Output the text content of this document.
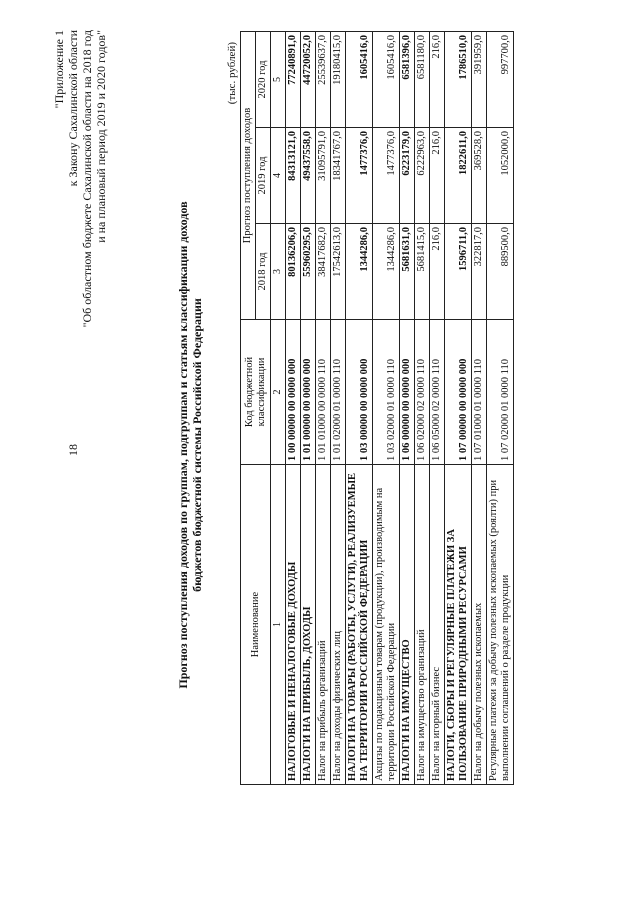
18
"Приложение 1 к Закону Сахалинской области "Об областном бюджете Сахалинской области на 2018 год и на плановый период 2019 и 2020 годов"
Прогноз поступления доходов по группам, подгруппам и статьям классификации доходов бюджетов бюджетной системы Российской Федерации
(тыс. рублей)
Наименование	Код бюджетной классификации	Прогноз поступления доходов		
		2018 год	2019 год	2020 год
1	2	3	4	5
НАЛОГОВЫЕ И НЕНАЛОГОВЫЕ ДОХОДЫ	1 00 00000 00 0000 000	80136206,0	84313121,0	77240891,0
НАЛОГИ НА ПРИБЫЛЬ, ДОХОДЫ	1 01 00000 00 0000 000	55960295,0	49437558,0	44720052,0
Налог на прибыль организаций	1 01 01000 00 0000 110	38417682,0	31095791,0	25539637,0
Налог на доходы физических лиц	1 01 02000 01 0000 110	17542613,0	18341767,0	19180415,0
НАЛОГИ НА ТОВАРЫ (РАБОТЫ, УСЛУГИ), РЕАЛИЗУЕМЫЕ НА ТЕРРИТОРИИ РОССИЙСКОЙ ФЕДЕРАЦИИ	1 03 00000 00 0000 000	1344286,0	1477376,0	1605416,0
Акцизы по подакцизным товарам (продукции), производимым на территории Российской Федерации	1 03 02000 01 0000 110	1344286,0	1477376,0	1605416,0
НАЛОГИ НА ИМУЩЕСТВО	1 06 00000 00 0000 000	5681631,0	6223179,0	6581396,0
Налог на имущество организаций	1 06 02000 02 0000 110	5681415,0	6222963,0	6581180,0
Налог на игорный бизнес	1 06 05000 02 0000 110	216,0	216,0	216,0
НАЛОГИ, СБОРЫ И РЕГУЛЯРНЫЕ ПЛАТЕЖИ ЗА ПОЛЬЗОВАНИЕ ПРИРОДНЫМИ РЕСУРСАМИ	1 07 00000 00 0000 000	1596711,0	1822611,0	1786510,0
Налог на добычу полезных ископаемых	1 07 01000 01 0000 110	322817,0	369528,0	391959,0
Регулярные платежи за добычу полезных ископаемых (роялти) при выполнении соглашений о разделе продукции	1 07 02000 01 0000 110	889500,0	1052000,0	997700,0
